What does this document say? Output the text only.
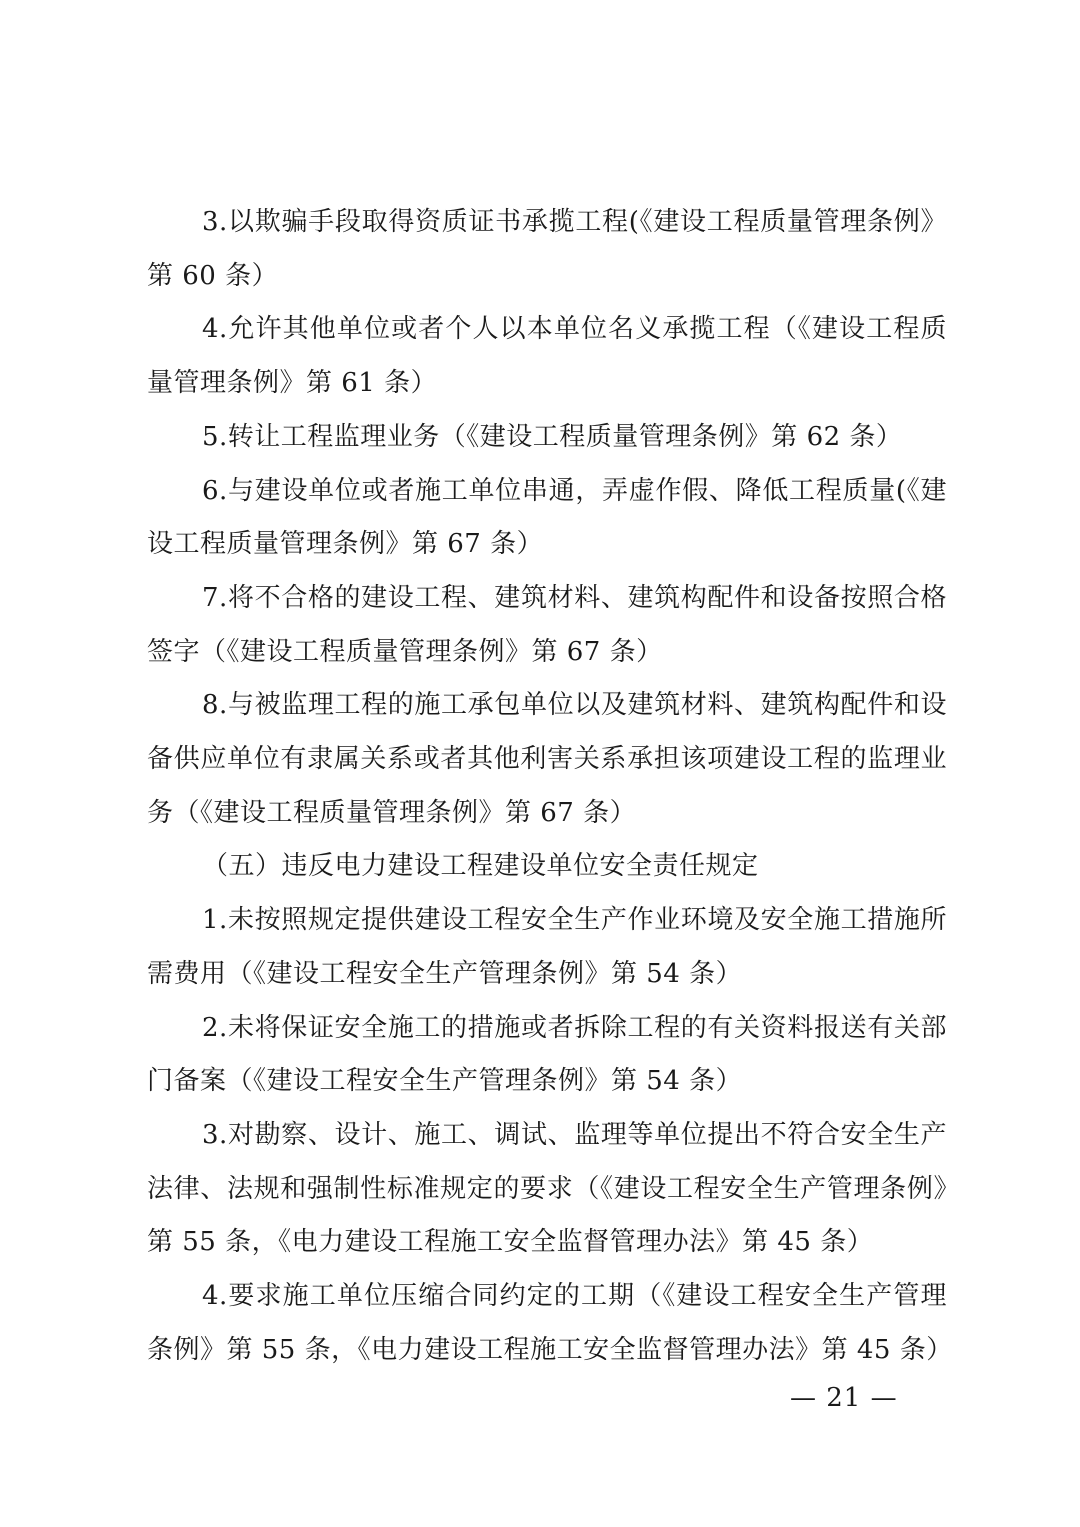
3.以欺骗手段取得资质证书承揽工程(《建设工程质量管理条例》第 60 条）

4.允许其他单位或者个人以本单位名义承揽工程（《建设工程质量管理条例》第 61 条）

5.转让工程监理业务（《建设工程质量管理条例》第 62 条）

6.与建设单位或者施工单位串通，弄虚作假、降低工程质量(《建设工程质量管理条例》第 67 条）

7.将不合格的建设工程、建筑材料、建筑构配件和设备按照合格签字（《建设工程质量管理条例》第 67 条）

8.与被监理工程的施工承包单位以及建筑材料、建筑构配件和设备供应单位有隶属关系或者其他利害关系承担该项建设工程的监理业务（《建设工程质量管理条例》第 67 条）

（五）违反电力建设工程建设单位安全责任规定

1.未按照规定提供建设工程安全生产作业环境及安全施工措施所需费用（《建设工程安全生产管理条例》第 54 条）

2.未将保证安全施工的措施或者拆除工程的有关资料报送有关部门备案（《建设工程安全生产管理条例》第 54 条）

3.对勘察、设计、施工、调试、监理等单位提出不符合安全生产法律、法规和强制性标准规定的要求（《建设工程安全生产管理条例》第 55 条，《电力建设工程施工安全监督管理办法》第 45 条）

4.要求施工单位压缩合同约定的工期（《建设工程安全生产管理条例》第 55 条，《电力建设工程施工安全监督管理办法》第 45 条）

— 21 —
